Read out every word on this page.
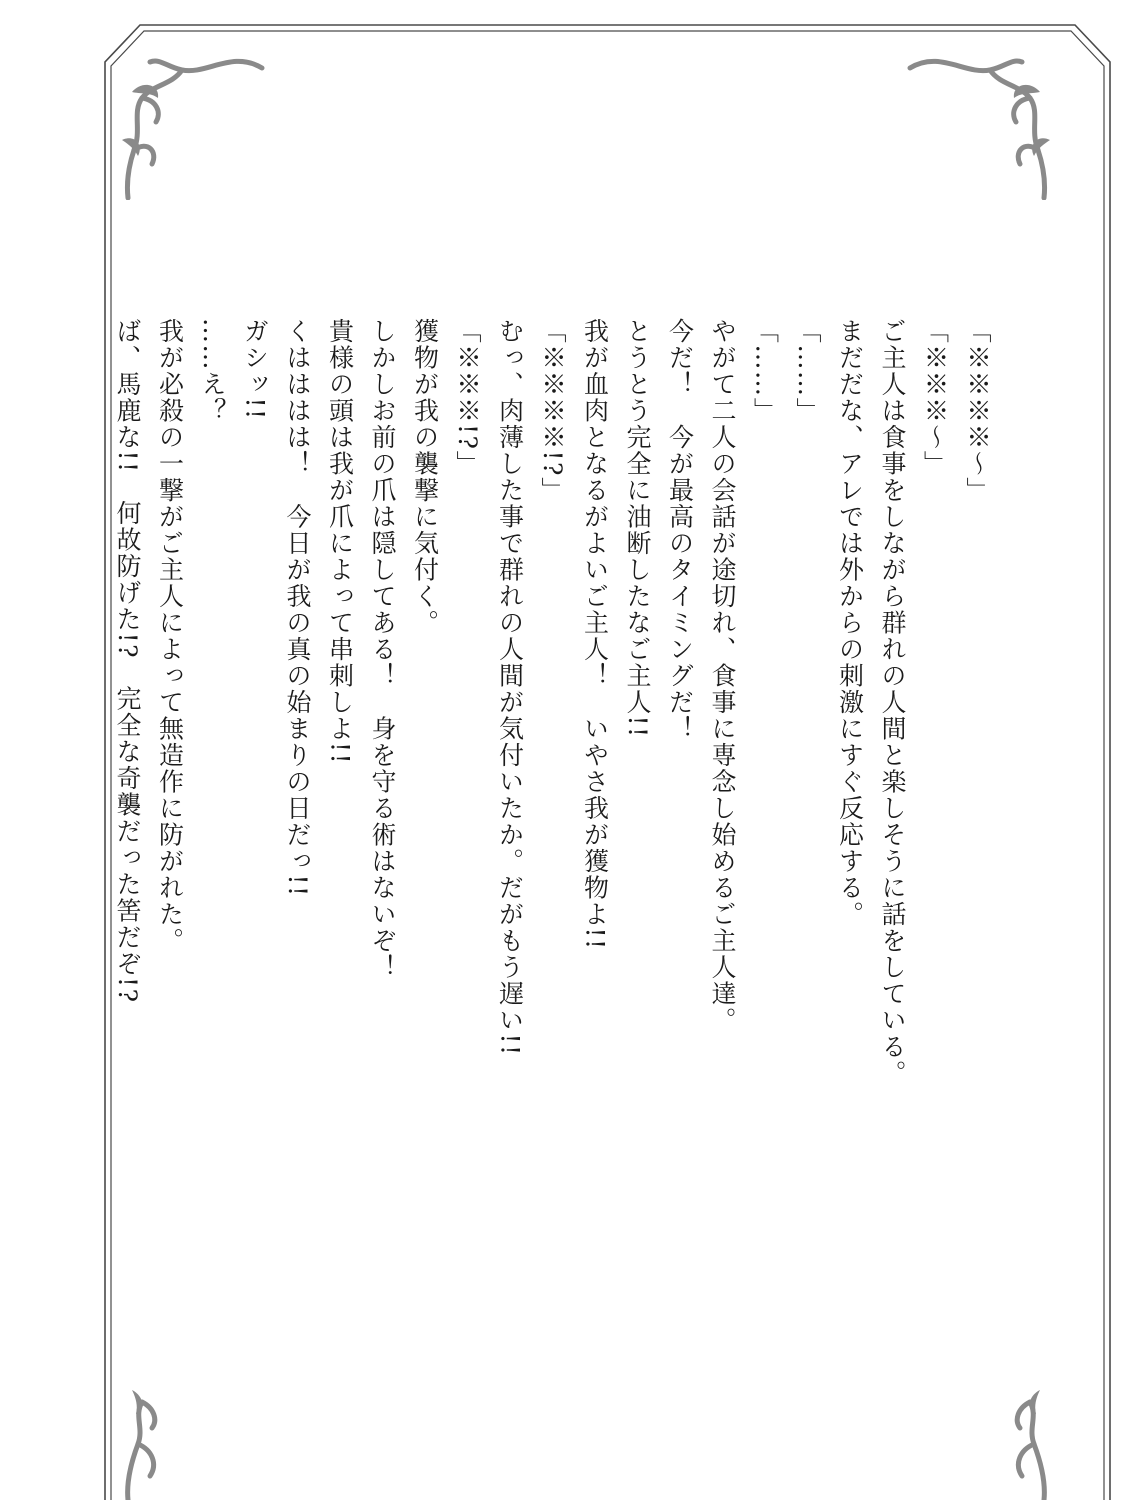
「※※※※～」
「※※※～」
ご主人は食事をしながら群れの人間と楽しそうに話をしている。
まだだな、アレでは外からの刺激にすぐ反応する。
「……」
「……」
やがて二人の会話が途切れ、食事に専念し始めるご主人達。
今だ！　今が最高のタイミングだ！
とうとう完全に油断したなご主人!!
我が血肉となるがよいご主人！　いやさ我が獲物よ!!
「※※※※!?」
むっ、肉薄した事で群れの人間が気付いたか。だがもう遅い!!
「※※※!?」
獲物が我の襲撃に気付く。
しかしお前の爪は隠してある！　身を守る術はないぞ！
貴様の頭は我が爪によって串刺しよ!!
くはははは！　今日が我の真の始まりの日だっ!!
ガシッ!!
……え？
我が必殺の一撃がご主人によって無造作に防がれた。
ば、馬鹿な!!　何故防げた!?　完全な奇襲だった筈だぞ!?
